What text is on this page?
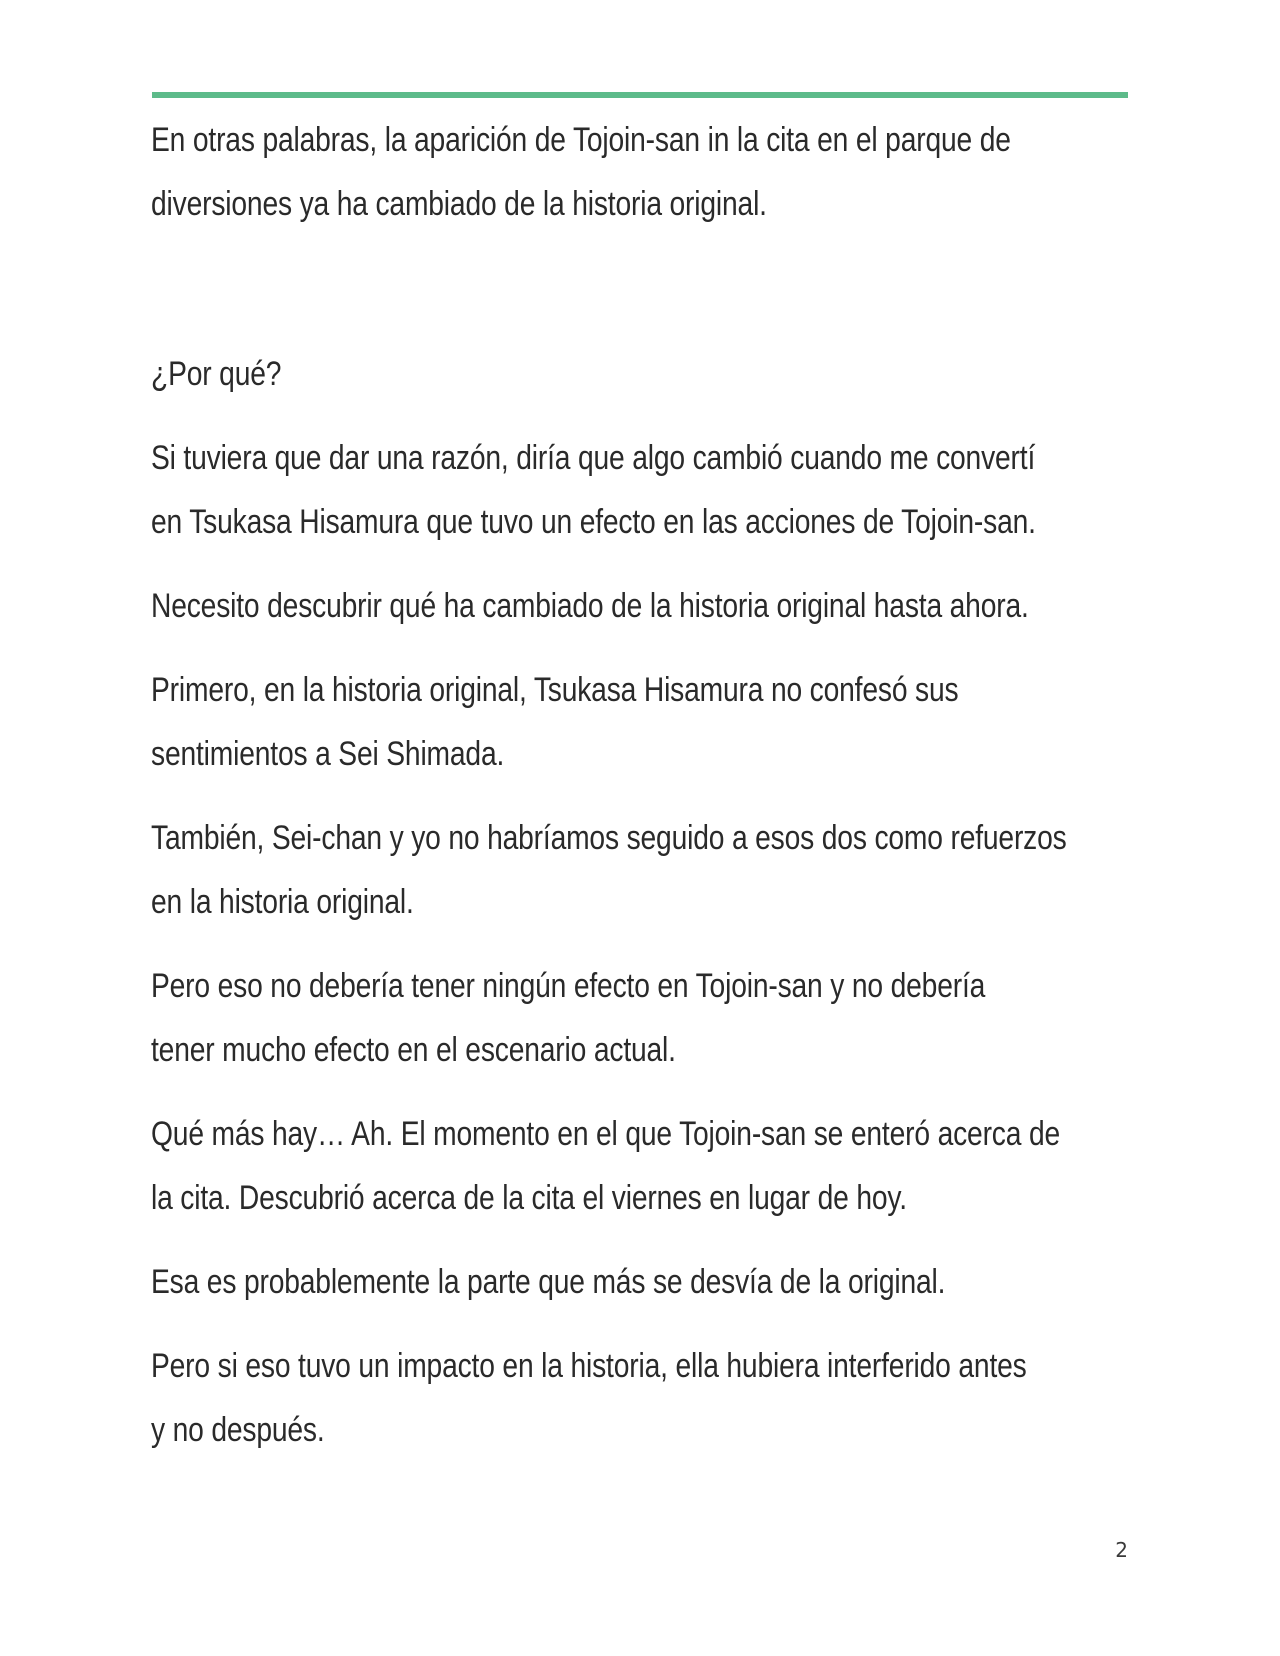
En otras palabras, la aparición de Tojoin-san in la cita en el parque de
diversiones ya ha cambiado de la historia original.

¿Por qué?

Si tuviera que dar una razón, diría que algo cambió cuando me convertí
en Tsukasa Hisamura que tuvo un efecto en las acciones de Tojoin-san.

Necesito descubrir qué ha cambiado de la historia original hasta ahora.

Primero, en la historia original, Tsukasa Hisamura no confesó sus
sentimientos a Sei Shimada.

También, Sei-chan y yo no habríamos seguido a esos dos como refuerzos
en la historia original.

Pero eso no debería tener ningún efecto en Tojoin-san y no debería
tener mucho efecto en el escenario actual.

Qué más hay… Ah. El momento en el que Tojoin-san se enteró acerca de
la cita. Descubrió acerca de la cita el viernes en lugar de hoy.

Esa es probablemente la parte que más se desvía de la original.

Pero si eso tuvo un impacto en la historia, ella hubiera interferido antes
y no después.

2
